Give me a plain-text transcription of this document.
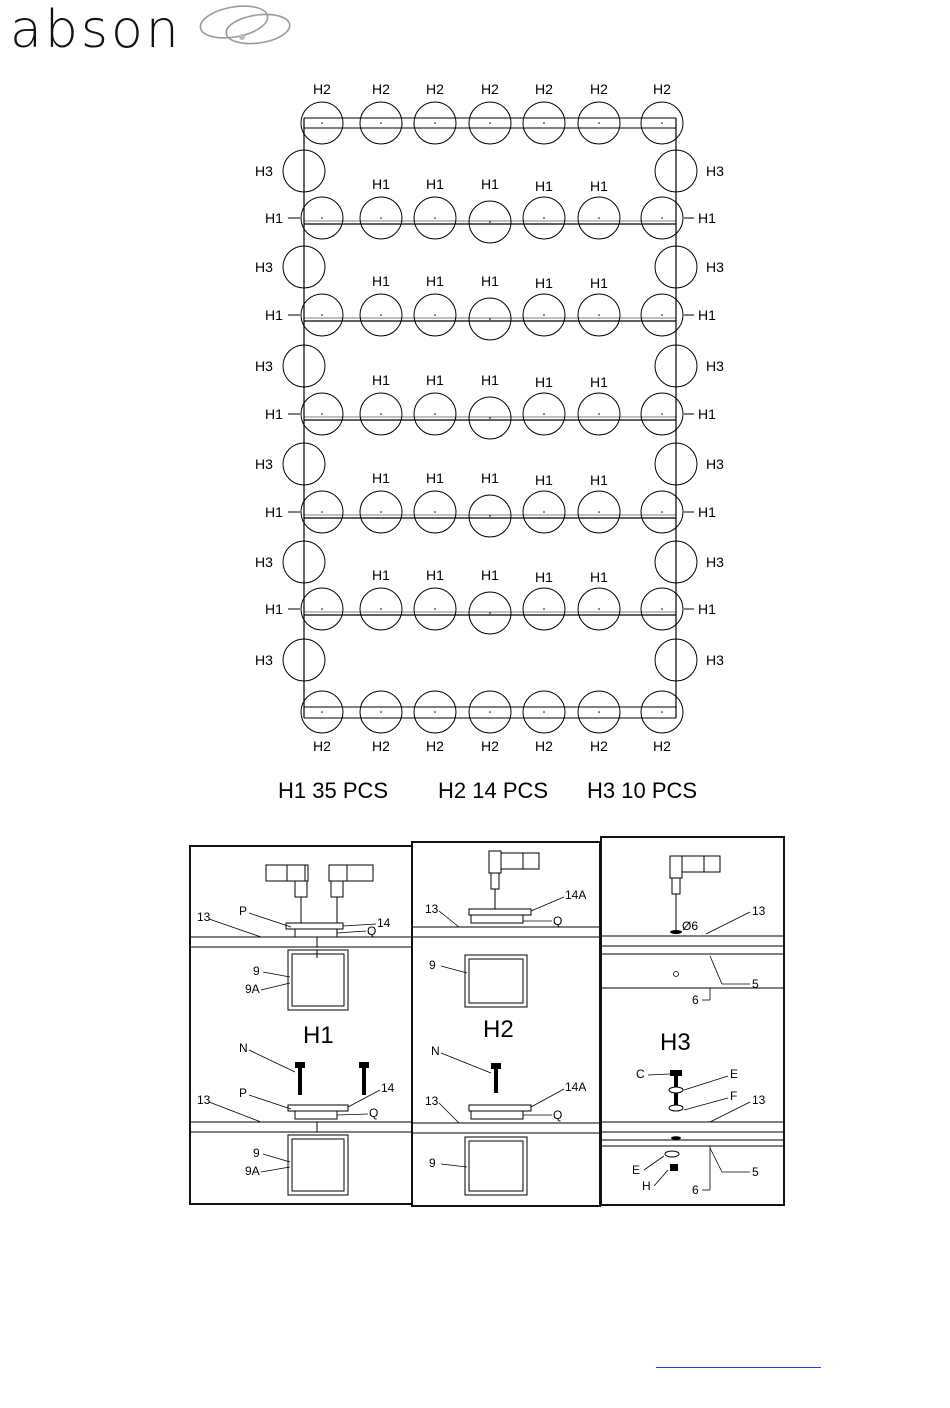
abson
H2	H2	H2	H2	H2	H2	H2
H2	H2	H2	H2	H2	H2	H2
H1	H1	H1	H1	H1
H1	H1
H1	H1	H1	H1	H1
H1	H1
H1	H1	H1	H1	H1
H1	H1
H1	H1	H1	H1	H1
H1	H1
H1	H1	H1	H1	H1
H1	H1
H3	H3
H3	H3
H3	H3
H3	H3
H3	H3
H3	H3
H1 35 PCS H2 14 PCS H3 10 PCS
13 P
14
Q
9
9A
H1
N
13 P	14
Q
9
9A
13
14A
Q
9
H2
N
13
14A
Q
9
Ø6
13
5
6
H3
C	E
F 13
E
H
5
6
